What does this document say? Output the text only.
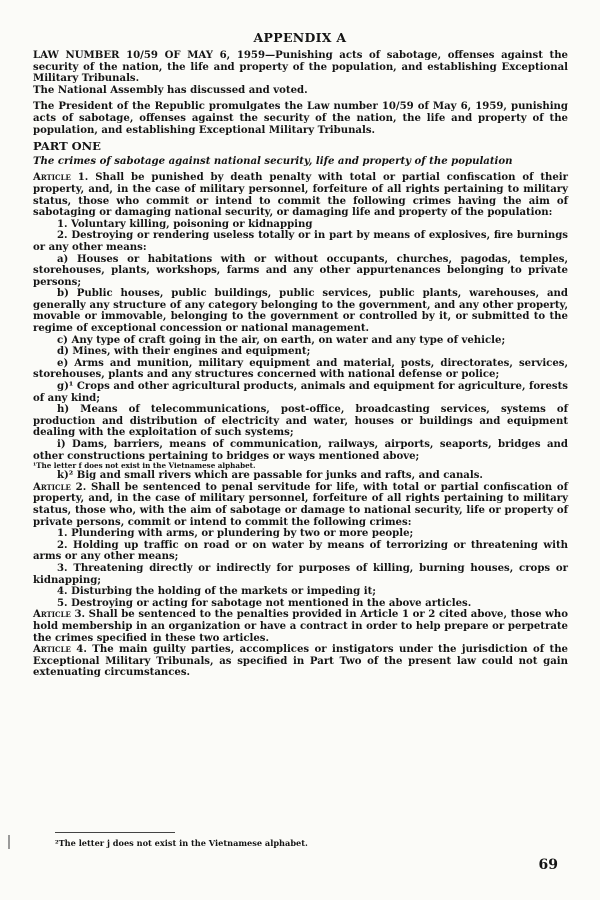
APPENDIX A

LAW NUMBER 10/59 OF MAY 6, 1959—Punishing acts of sabotage, offenses against the security of the nation, the life and property of the population, and establishing Exceptional Military Tribunals.

The National Assembly has discussed and voted.

The President of the Republic promulgates the Law number 10/59 of May 6, 1959, punishing acts of sabotage, offenses against the security of the nation, the life and property of the population, and establishing Exceptional Military Tribunals.

PART ONE

The crimes of sabotage against national security, life and property of the population

Article 1. Shall be punished by death penalty with total or partial confiscation of their property, and, in the case of military personnel, forfeiture of all rights pertaining to military status, those who commit or intend to commit the following crimes having the aim of sabotaging or damaging national security, or damaging life and property of the population:

1. Voluntary killing, poisoning or kidnapping

2. Destroying or rendering useless totally or in part by means of explosives, fire burnings or any other means:

a) Houses or habitations with or without occupants, churches, pagodas, temples, storehouses, plants, workshops, farms and any other appurtenances belonging to private persons;

b) Public houses, public buildings, public services, public plants, warehouses, and generally any structure of any category belonging to the government, and any other property, movable or immovable, belonging to the government or controlled by it, or submitted to the regime of exceptional concession or national management.

c) Any type of craft going in the air, on earth, on water and any type of vehicle;

d) Mines, with their engines and equipment;

e) Arms and munition, military equipment and material, posts, directorates, services, storehouses, plants and any structures concerned with national defense or police;

g)¹ Crops and other agricultural products, animals and equipment for agriculture, forests of any kind;

h) Means of telecommunications, post-office, broadcasting services, systems of production and distribution of electricity and water, houses or buildings and equipment dealing with the exploitation of such systems;

i) Dams, barriers, means of communication, railways, airports, seaports, bridges and other constructions pertaining to bridges or ways mentioned above;

¹The letter f does not exist in the Vietnamese alphabet.

k)² Big and small rivers which are passable for junks and rafts, and canals.

Article 2. Shall be sentenced to penal servitude for life, with total or partial confiscation of property, and, in the case of military personnel, forfeiture of all rights pertaining to military status, those who, with the aim of sabotage or damage to national security, life or property of private persons, commit or intend to commit the following crimes:

1. Plundering with arms, or plundering by two or more people;

2. Holding up traffic on road or on water by means of terrorizing or threatening with arms or any other means;

3. Threatening directly or indirectly for purposes of killing, burning houses, crops or kidnapping;

4. Disturbing the holding of the markets or impeding it;

5. Destroying or acting for sabotage not mentioned in the above articles.

Article 3. Shall be sentenced to the penalties provided in Article 1 or 2 cited above, those who hold membership in an organization or have a contract in order to help prepare or perpetrate the crimes specified in these two articles.

Article 4. The main guilty parties, accomplices or instigators under the jurisdiction of the Exceptional Military Tribunals, as specified in Part Two of the present law could not gain extenuating circumstances.

²The letter j does not exist in the Vietnamese alphabet.
69
